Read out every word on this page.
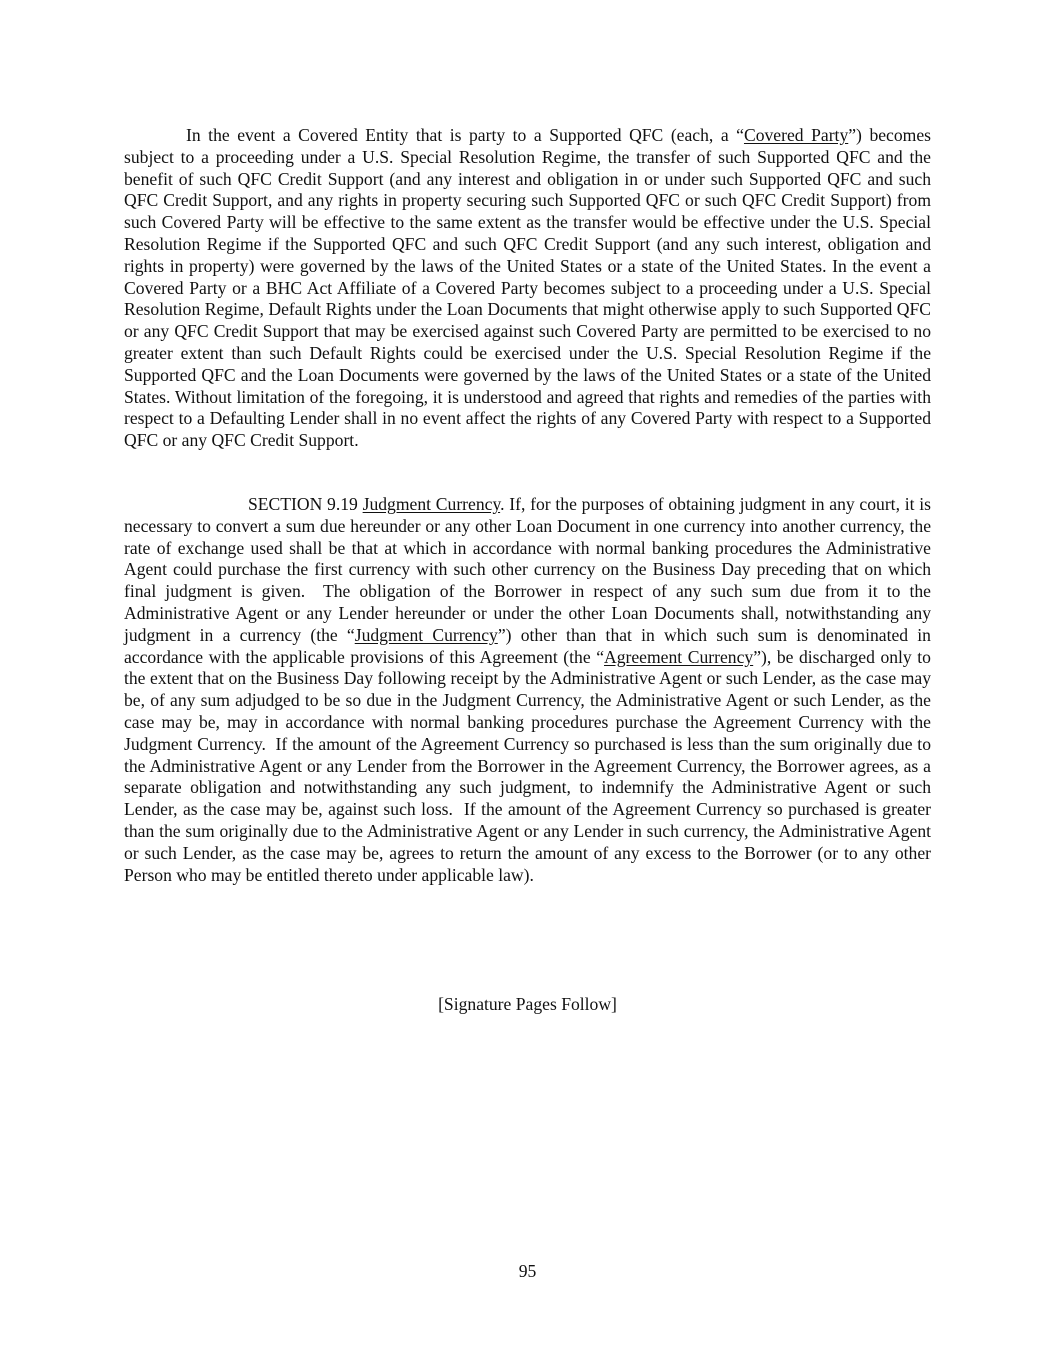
In the event a Covered Entity that is party to a Supported QFC (each, a “Covered Party”) becomes subject to a proceeding under a U.S. Special Resolution Regime, the transfer of such Supported QFC and the benefit of such QFC Credit Support (and any interest and obligation in or under such Supported QFC and such QFC Credit Support, and any rights in property securing such Supported QFC or such QFC Credit Support) from such Covered Party will be effective to the same extent as the transfer would be effective under the U.S. Special Resolution Regime if the Supported QFC and such QFC Credit Support (and any such interest, obligation and rights in property) were governed by the laws of the United States or a state of the United States. In the event a Covered Party or a BHC Act Affiliate of a Covered Party becomes subject to a proceeding under a U.S. Special Resolution Regime, Default Rights under the Loan Documents that might otherwise apply to such Supported QFC or any QFC Credit Support that may be exercised against such Covered Party are permitted to be exercised to no greater extent than such Default Rights could be exercised under the U.S. Special Resolution Regime if the Supported QFC and the Loan Documents were governed by the laws of the United States or a state of the United States. Without limitation of the foregoing, it is understood and agreed that rights and remedies of the parties with respect to a Defaulting Lender shall in no event affect the rights of any Covered Party with respect to a Supported QFC or any QFC Credit Support.

SECTION 9.19 Judgment Currency. If, for the purposes of obtaining judgment in any court, it is necessary to convert a sum due hereunder or any other Loan Document in one currency into another currency, the rate of exchange used shall be that at which in accordance with normal banking procedures the Administrative Agent could purchase the first currency with such other currency on the Business Day preceding that on which final judgment is given.  The obligation of the Borrower in respect of any such sum due from it to the Administrative Agent or any Lender hereunder or under the other Loan Documents shall, notwithstanding any judgment in a currency (the “Judgment Currency”) other than that in which such sum is denominated in accordance with the applicable provisions of this Agreement (the “Agreement Currency”), be discharged only to the extent that on the Business Day following receipt by the Administrative Agent or such Lender, as the case may be, of any sum adjudged to be so due in the Judgment Currency, the Administrative Agent or such Lender, as the case may be, may in accordance with normal banking procedures purchase the Agreement Currency with the Judgment Currency.  If the amount of the Agreement Currency so purchased is less than the sum originally due to the Administrative Agent or any Lender from the Borrower in the Agreement Currency, the Borrower agrees, as a separate obligation and notwithstanding any such judgment, to indemnify the Administrative Agent or such Lender, as the case may be, against such loss.  If the amount of the Agreement Currency so purchased is greater than the sum originally due to the Administrative Agent or any Lender in such currency, the Administrative Agent or such Lender, as the case may be, agrees to return the amount of any excess to the Borrower (or to any other Person who may be entitled thereto under applicable law).

[Signature Pages Follow]
95
